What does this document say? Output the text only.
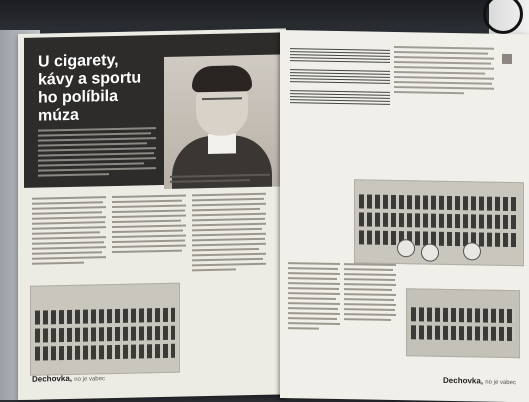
U cigarety,
kávy a sportu
ho políbila
múza
Dechovka, no je vabec	Dechovka, no je vabec
